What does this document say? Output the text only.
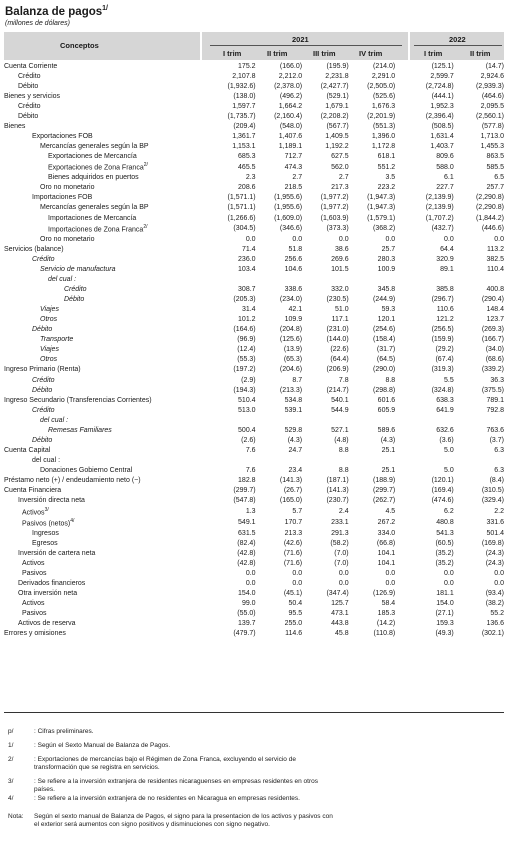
Balanza de pagos$^{1/}$
(millones de dólares)
Conceptos
2021	2022
I trim	II trim	III trim	IV trim	I trim	II trim
Cuenta Corriente	175.2	(166.0)	(195.9)	(214.0)		(125.1)	(14.7)
Crédito	2,107.8	2,212.0	2,231.8	2,291.0		2,599.7	2,924.6
Débito	(1,932.6)	(2,378.0)	(2,427.7)	(2,505.0)		(2,724.8)	(2,939.3)
Bienes y servicios	(138.0)	(496.2)	(529.1)	(525.6)		(444.1)	(464.6)
Crédito	1,597.7	1,664.2	1,679.1	1,676.3		1,952.3	2,095.5
Débito	(1,735.7)	(2,160.4)	(2,208.2)	(2,201.9)		(2,396.4)	(2,560.1)
Bienes	(209.4)	(548.0)	(567.7)	(551.3)		(508.5)	(577.8)
Exportaciones FOB	1,361.7	1,407.6	1,409.5	1,396.0		1,631.4	1,713.0
Mercancías generales según la BP	1,153.1	1,189.1	1,192.2	1,172.8		1,403.7	1,455.3
Exportaciones de Mercancía	685.3	712.7	627.5	618.1		809.6	863.5
Exportaciones de Zona Franca$^{2/}$	465.5	474.3	562.0	551.2		588.0	585.5
Bienes adquiridos en puertos	2.3	2.7	2.7	3.5		6.1	6.5
Oro no monetario	208.6	218.5	217.3	223.2		227.7	257.7
Importaciones FOB	(1,571.1)	(1,955.6)	(1,977.2)	(1,947.3)		(2,139.9)	(2,290.8)
Mercancías generales según la BP	(1,571.1)	(1,955.6)	(1,977.2)	(1,947.3)		(2,139.9)	(2,290.8)
Importaciones de Mercancía	(1,266.6)	(1,609.0)	(1,603.9)	(1,579.1)		(1,707.2)	(1,844.2)
Importaciones de Zona Franca$^{2/}$	(304.5)	(346.6)	(373.3)	(368.2)		(432.7)	(446.6)
Oro no monetario	0.0	0.0	0.0	0.0		0.0	0.0
Servicios (balance)	71.4	51.8	38.6	25.7		64.4	113.2
Crédito	236.0	256.6	269.6	280.3		320.9	382.5
Servicio de manufactura	103.4	104.6	101.5	100.9		89.1	110.4
del cual :							
Crédito	308.7	338.6	332.0	345.8		385.8	400.8
Débito	(205.3)	(234.0)	(230.5)	(244.9)		(296.7)	(290.4)
Viajes	31.4	42.1	51.0	59.3		110.6	148.4
Otros	101.2	109.9	117.1	120.1		121.2	123.7
Débito	(164.6)	(204.8)	(231.0)	(254.6)		(256.5)	(269.3)
Transporte	(96.9)	(125.6)	(144.0)	(158.4)		(159.9)	(166.7)
Viajes	(12.4)	(13.9)	(22.6)	(31.7)		(29.2)	(34.0)
Otros	(55.3)	(65.3)	(64.4)	(64.5)		(67.4)	(68.6)
Ingreso Primario (Renta)	(197.2)	(204.6)	(206.9)	(290.0)		(319.3)	(339.2)
Crédito	(2.9)	8.7	7.8	8.8		5.5	36.3
Débito	(194.3)	(213.3)	(214.7)	(298.8)		(324.8)	(375.5)
Ingreso Secundario (Transferencias Corrientes)	510.4	534.8	540.1	601.6		638.3	789.1
Crédito	513.0	539.1	544.9	605.9		641.9	792.8
del cual :							
Remesas Familiares	500.4	529.8	527.1	589.6		632.6	763.6
Débito	(2.6)	(4.3)	(4.8)	(4.3)		(3.6)	(3.7)
Cuenta Capital	7.6	24.7	8.8	25.1		5.0	6.3
del cual :							
Donaciones Gobierno Central	7.6	23.4	8.8	25.1		5.0	6.3
Préstamo neto (+) / endeudamiento neto (−)	182.8	(141.3)	(187.1)	(188.9)		(120.1)	(8.4)
Cuenta Financiera	(299.7)	(26.7)	(141.3)	(299.7)		(169.4)	(310.5)
Inversión directa neta	(547.8)	(165.0)	(230.7)	(262.7)		(474.6)	(329.4)
Activos$^{3/}$	1.3	5.7	2.4	4.5		6.2	2.2
Pasivos (netos)$^{4/}$	549.1	170.7	233.1	267.2		480.8	331.6
Ingresos	631.5	213.3	291.3	334.0		541.3	501.4
Egresos	(82.4)	(42.6)	(58.2)	(66.8)		(60.5)	(169.8)
Inversión de cartera neta	(42.8)	(71.6)	(7.0)	104.1		(35.2)	(24.3)
Activos	(42.8)	(71.6)	(7.0)	104.1		(35.2)	(24.3)
Pasivos	0.0	0.0	0.0	0.0		0.0	0.0
Derivados financieros	0.0	0.0	0.0	0.0		0.0	0.0
Otra inversión neta	154.0	(45.1)	(347.4)	(126.9)		181.1	(93.4)
Activos	99.0	50.4	125.7	58.4		154.0	(38.2)
Pasivos	(55.0)	95.5	473.1	185.3		(27.1)	55.2
Activos de reserva	139.7	255.0	443.8	(14.2)		159.3	136.6
Errores y omisiones	(479.7)	114.6	45.8	(110.8)		(49.3)	(302.1)
p/	: Cifras preliminares.
1/	: Según el Sexto Manual de Balanza de Pagos.
2/	: Exportaciones de mercancías bajo el Régimen de Zona Franca, excluyendo el servicio de transformación que se registra en servicios.
3/	: Se refiere a la inversión extranjera de residentes nicaraguenses en empresas residentes en otros países.
4/	: Se refiere a la inversión extranjera de no residentes en Nicaragua en empresas residentes.
Nota:	Según el sexto manual de Balanza de Pagos, el signo para la presentacion de los activos y pasivos con el exterior será aumentos con signo positivos y disminuciones con signo negativo.
